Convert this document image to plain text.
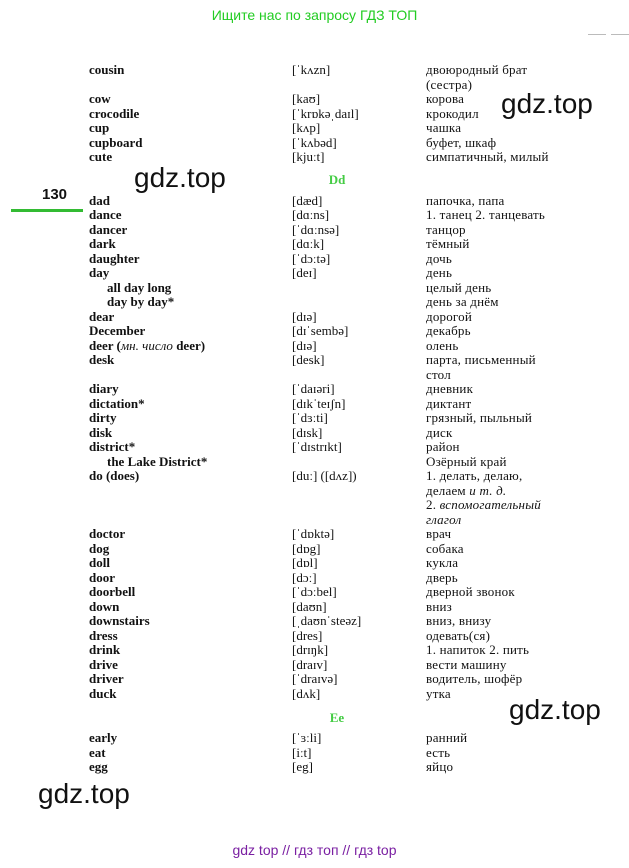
Ищите нас по запросу ГДЗ ТОП
130
Dd
Ee
cousin	[ˈkʌzn]	двоюродный брат
(сестра)
cow	[kaʊ]	корова
crocodile	[ˈkrɒkəˌdaɪl]	крокодил
cup	[kʌp]	чашка
cupboard	[ˈkʌbəd]	буфет, шкаф
cute	[kjuːt]	симпатичный, милый
dad	[dæd]	папочка, папа
dance	[dɑːns]	1. танец 2. танцевать
dancer	[ˈdɑːnsə]	танцор
dark	[dɑːk]	тёмный
daughter	[ˈdɔːtə]	дочь
day	[deɪ]	день
all day long	целый день
day by day*	день за днём
dear	[dɪə]	дорогой
December	[dɪˈsembə]	декабрь
deer (мн. число deer)	[dɪə]	олень
desk	[desk]	парта, письменный
стол
diary	[ˈdaɪəri]	дневник
dictation*	[dɪkˈteɪʃn]	диктант
dirty	[ˈdɜːti]	грязный, пыльный
disk	[dɪsk]	диск
district*	[ˈdɪstrɪkt]	район
the Lake District*	Озёрный край
do (does)	[duː] ([dʌz])	1. делать, делаю,
делаем и т. д.
2. вспомогательный
глагол
doctor	[ˈdɒktə]	врач
dog	[dɒg]	собака
doll	[dɒl]	кукла
door	[dɔː]	дверь
doorbell	[ˈdɔːbel]	дверной звонок
down	[daʊn]	вниз
downstairs	[ˌdaʊnˈsteəz]	вниз, внизу
dress	[dres]	одевать(ся)
drink	[drɪŋk]	1. напиток 2. пить
drive	[draɪv]	вести машину
driver	[ˈdraɪvə]	водитель, шофёр
duck	[dʌk]	утка
early	[ˈɜːli]	ранний
eat	[iːt]	есть
egg	[eg]	яйцо
gdz.top
gdz.top
gdz.top
gdz.top
gdz top // гдз топ // гдз top
